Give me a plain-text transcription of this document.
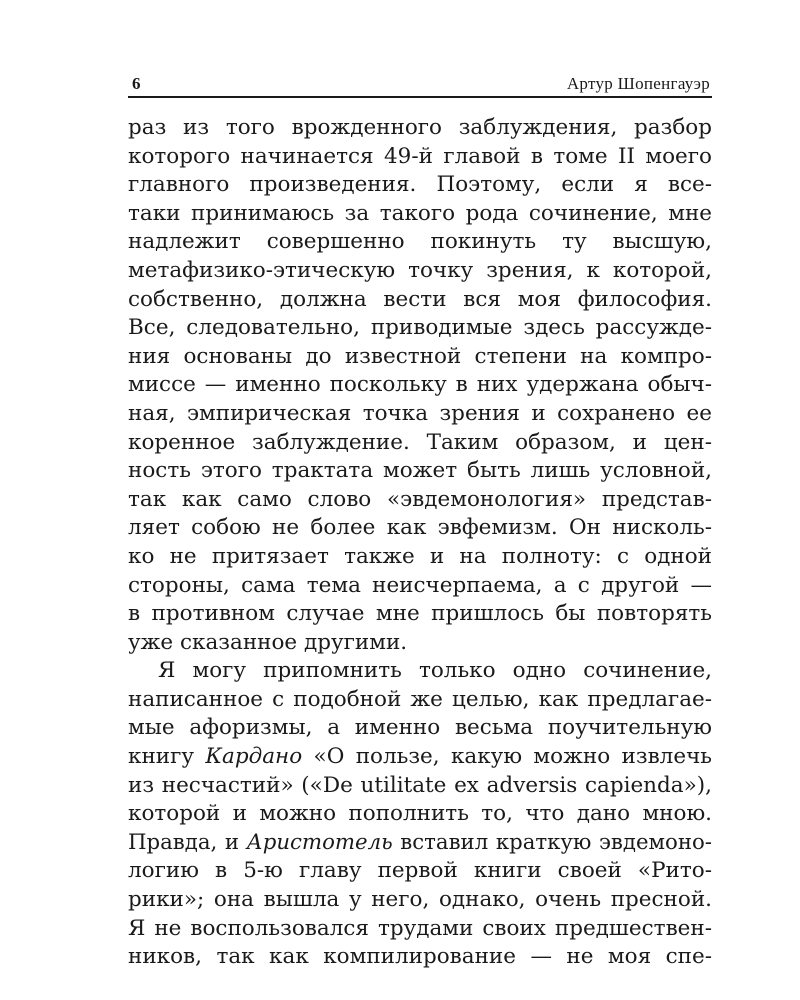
6	Артур Шопенгауэр
раз из того врожденного заблуждения, разбор
которого начинается 49-й главой в томе II моего
главного произведения. Поэтому, если я все-
таки принимаюсь за такого рода сочинение, мне
надлежит совершенно покинуть ту высшую,
метафизико-этическую точку зрения, к которой,
собственно, должна вести вся моя философия.
Все, следовательно, приводимые здесь рассужде-
ния основаны до известной степени на компро-
миссе — именно поскольку в них удержана обыч-
ная, эмпирическая точка зрения и сохранено ее
коренное заблуждение. Таким образом, и цен-
ность этого трактата может быть лишь условной,
так как само слово «эвдемонология» представ-
ляет собою не более как эвфемизм. Он нисколь-
ко не притязает также и на полноту: с одной
стороны, сама тема неисчерпаема, а с другой —
в противном случае мне пришлось бы повторять
уже сказанное другими.
Я могу припомнить только одно сочинение,
написанное с подобной же целью, как предлагае-
мые афоризмы, а именно весьма поучительную
книгу Кардано «О пользе, какую можно извлечь
из несчастий» («De utilitate ex adversis capienda»),
которой и можно пополнить то, что дано мною.
Правда, и Аристотель вставил краткую эвдемоно-
логию в 5-ю главу первой книги своей «Рито-
рики»; она вышла у него, однако, очень пресной.
Я не воспользовался трудами своих предшествен-
ников, так как компилирование — не моя спе-
